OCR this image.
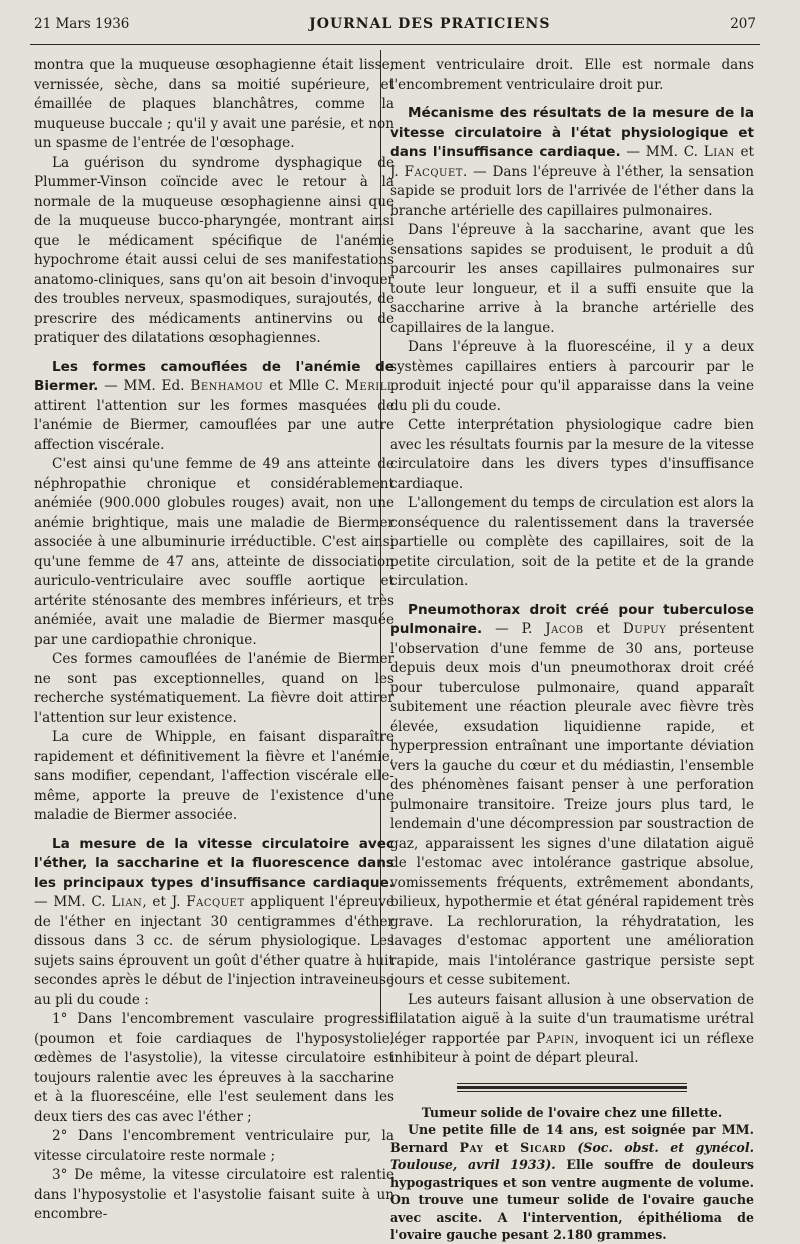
21 Mars 1936	JOURNAL DES PRATICIENS	207

montra que la muqueuse œsophagienne était lisse, vernissée, sèche, dans sa moitié supérieure, et émaillée de plaques blanchâtres, comme la muqueuse buccale ; qu'il y avait une parésie, et non un spasme de l'entrée de l'œsophage.

La guérison du syndrome dysphagique de Plummer-Vinson coïncide avec le retour à la normale de la muqueuse œsophagienne ainsi que de la muqueuse bucco-pharyngée, montrant ainsi que le médicament spécifique de l'anémie hypochrome était aussi celui de ses manifestations anatomo-cliniques, sans qu'on ait besoin d'invoquer des troubles nerveux, spasmodiques, surajoutés, de prescrire des médicaments antinervins ou de pratiquer des dilatations œsophagiennes.

Les formes camouflées de l'anémie de Biermer. — MM. Ed. Benhamou et Mlle C. Merill attirent l'attention sur les formes masquées de l'anémie de Biermer, camouflées par une autre affection viscérale.

C'est ainsi qu'une femme de 49 ans atteinte de néphropathie chronique et considérablement anémiée (900.000 globules rouges) avait, non une anémie brightique, mais une maladie de Biermer associée à une albuminurie irréductible. C'est ainsi qu'une femme de 47 ans, atteinte de dissociation auriculo-ventriculaire avec souffle aortique et artérite sténosante des membres inférieurs, et très anémiée, avait une maladie de Biermer masquée par une cardiopathie chronique.

Ces formes camouflées de l'anémie de Biermer ne sont pas exceptionnelles, quand on les recherche systématiquement. La fièvre doit attirer l'attention sur leur existence.

La cure de Whipple, en faisant disparaître rapidement et définitivement la fièvre et l'anémie, sans modifier, cependant, l'affection viscérale elle-même, apporte la preuve de l'existence d'une maladie de Biermer associée.

La mesure de la vitesse circulatoire avec l'éther, la saccharine et la fluorescence dans les principaux types d'insuffisance cardiaque. — MM. C. Lian, et J. Facquet appliquent l'épreuve de l'éther en injectant 30 centigrammes d'éther dissous dans 3 cc. de sérum physiologique. Les sujets sains éprouvent un goût d'éther quatre à huit secondes après le début de l'injection intraveineuse au pli du coude :

1° Dans l'encombrement vasculaire progressif (poumon et foie cardiaques de l'hyposystolie, œdèmes de l'asystolie), la vitesse circulatoire est toujours ralentie avec les épreuves à la saccharine et à la fluorescéine, elle l'est seulement dans les deux tiers des cas avec l'éther ;

2° Dans l'encombrement ventriculaire pur, la vitesse circulatoire reste normale ;

3° De même, la vitesse circulatoire est ralentie dans l'hyposystolie et l'asystolie faisant suite à un encombre-

ment ventriculaire droit. Elle est normale dans l'encombrement ventriculaire droit pur.

Mécanisme des résultats de la mesure de la vitesse circulatoire à l'état physiologique et dans l'insuffisance cardiaque. — MM. C. Lian et J. Facquet. — Dans l'épreuve à l'éther, la sensation sapide se produit lors de l'arrivée de l'éther dans la branche artérielle des capillaires pulmonaires.

Dans l'épreuve à la saccharine, avant que les sensations sapides se produisent, le produit a dû parcourir les anses capillaires pulmonaires sur toute leur longueur, et il a suffi ensuite que la saccharine arrive à la branche artérielle des capillaires de la langue.

Dans l'épreuve à la fluorescéine, il y a deux systèmes capillaires entiers à parcourir par le produit injecté pour qu'il apparaisse dans la veine du pli du coude.

Cette interprétation physiologique cadre bien avec les résultats fournis par la mesure de la vitesse circulatoire dans les divers types d'insuffisance cardiaque.

L'allongement du temps de circulation est alors la conséquence du ralentissement dans la traversée partielle ou complète des capillaires, soit de la petite circulation, soit de la petite et de la grande circulation.

Pneumothorax droit créé pour tuberculose pulmonaire. — P. Jacob et Dupuy présentent l'observation d'une femme de 30 ans, porteuse depuis deux mois d'un pneumothorax droit créé pour tuberculose pulmonaire, quand apparaît subitement une réaction pleurale avec fièvre très élevée, exsudation liquidienne rapide, et hyperpression entraînant une importante déviation vers la gauche du cœur et du médiastin, l'ensemble des phénomènes faisant penser à une perforation pulmonaire transitoire. Treize jours plus tard, le lendemain d'une décompression par soustraction de gaz, apparaissent les signes d'une dilatation aiguë de l'estomac avec intolérance gastrique absolue, vomissements fréquents, extrêmement abondants, bilieux, hypothermie et état général rapidement très grave. La rechloruration, la réhydratation, les lavages d'estomac apportent une amélioration rapide, mais l'intolérance gastrique persiste sept jours et cesse subitement.

Les auteurs faisant allusion à une observation de dilatation aiguë à la suite d'un traumatisme urétral léger rapportée par Papin, invoquent ici un réflexe inhibiteur à point de départ pleural.

Tumeur solide de l'ovaire chez une fillette.

Une petite fille de 14 ans, est soignée par MM. Bernard Pay et Sicard (Soc. obst. et gynécol. Toulouse, avril 1933). Elle souffre de douleurs hypogastriques et son ventre augmente de volume. On trouve une tumeur solide de l'ovaire gauche avec ascite. A l'intervention, épithélioma de l'ovaire gauche pesant 2.180 grammes.
